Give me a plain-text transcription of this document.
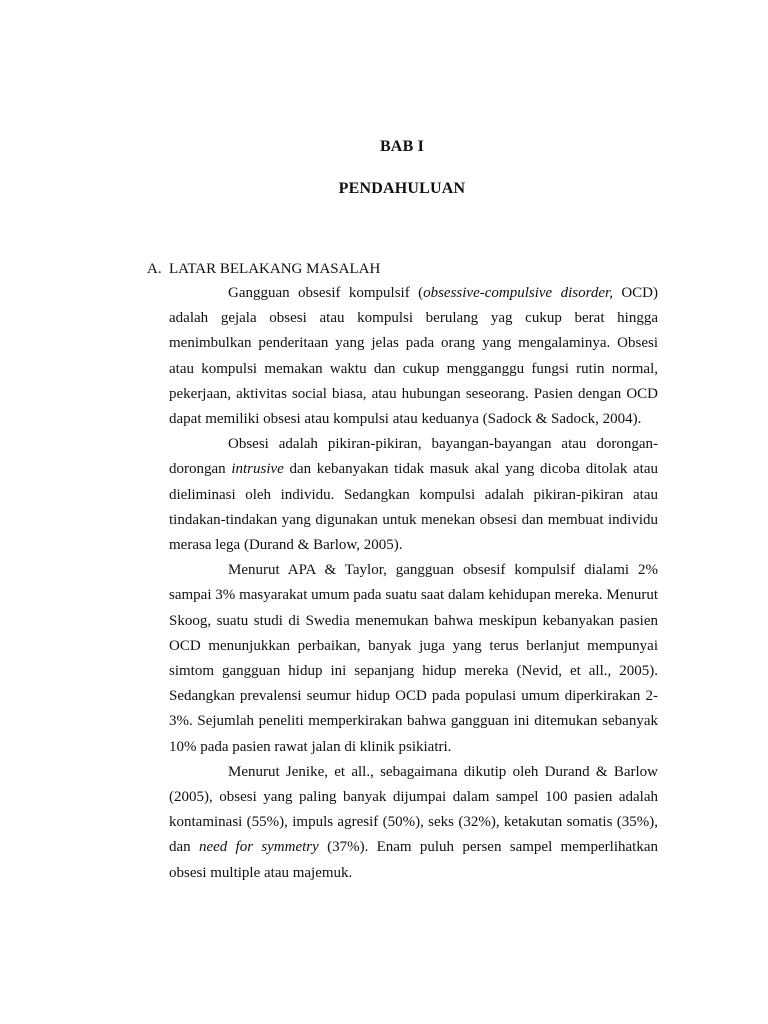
BAB I
PENDAHULUAN
A. LATAR BELAKANG MASALAH

Gangguan obsesif kompulsif (obsessive-compulsive disorder, OCD) adalah gejala obsesi atau kompulsi berulang yag cukup berat hingga menimbulkan penderitaan yang jelas pada orang yang mengalaminya. Obsesi atau kompulsi memakan waktu dan cukup mengganggu fungsi rutin normal, pekerjaan, aktivitas social biasa, atau hubungan seseorang. Pasien dengan OCD dapat memiliki obsesi atau kompulsi atau keduanya (Sadock & Sadock, 2004).

Obsesi adalah pikiran-pikiran, bayangan-bayangan atau dorongan-dorongan intrusive dan kebanyakan tidak masuk akal yang dicoba ditolak atau dieliminasi oleh individu. Sedangkan kompulsi adalah pikiran-pikiran atau tindakan-tindakan yang digunakan untuk menekan obsesi dan membuat individu merasa lega (Durand & Barlow, 2005).

Menurut APA & Taylor, gangguan obsesif kompulsif dialami 2% sampai 3% masyarakat umum pada suatu saat dalam kehidupan mereka. Menurut Skoog, suatu studi di Swedia menemukan bahwa meskipun kebanyakan pasien OCD menunjukkan perbaikan, banyak juga yang terus berlanjut mempunyai simtom gangguan hidup ini sepanjang hidup mereka (Nevid, et all., 2005). Sedangkan prevalensi seumur hidup OCD pada populasi umum diperkirakan 2-3%. Sejumlah peneliti memperkirakan bahwa gangguan ini ditemukan sebanyak 10% pada pasien rawat jalan di klinik psikiatri.

Menurut Jenike, et all., sebagaimana dikutip oleh Durand & Barlow (2005), obsesi yang paling banyak dijumpai dalam sampel 100 pasien adalah kontaminasi (55%), impuls agresif (50%), seks (32%), ketakutan somatis (35%), dan need for symmetry (37%). Enam puluh persen sampel memperlihatkan obsesi multiple atau majemuk.
